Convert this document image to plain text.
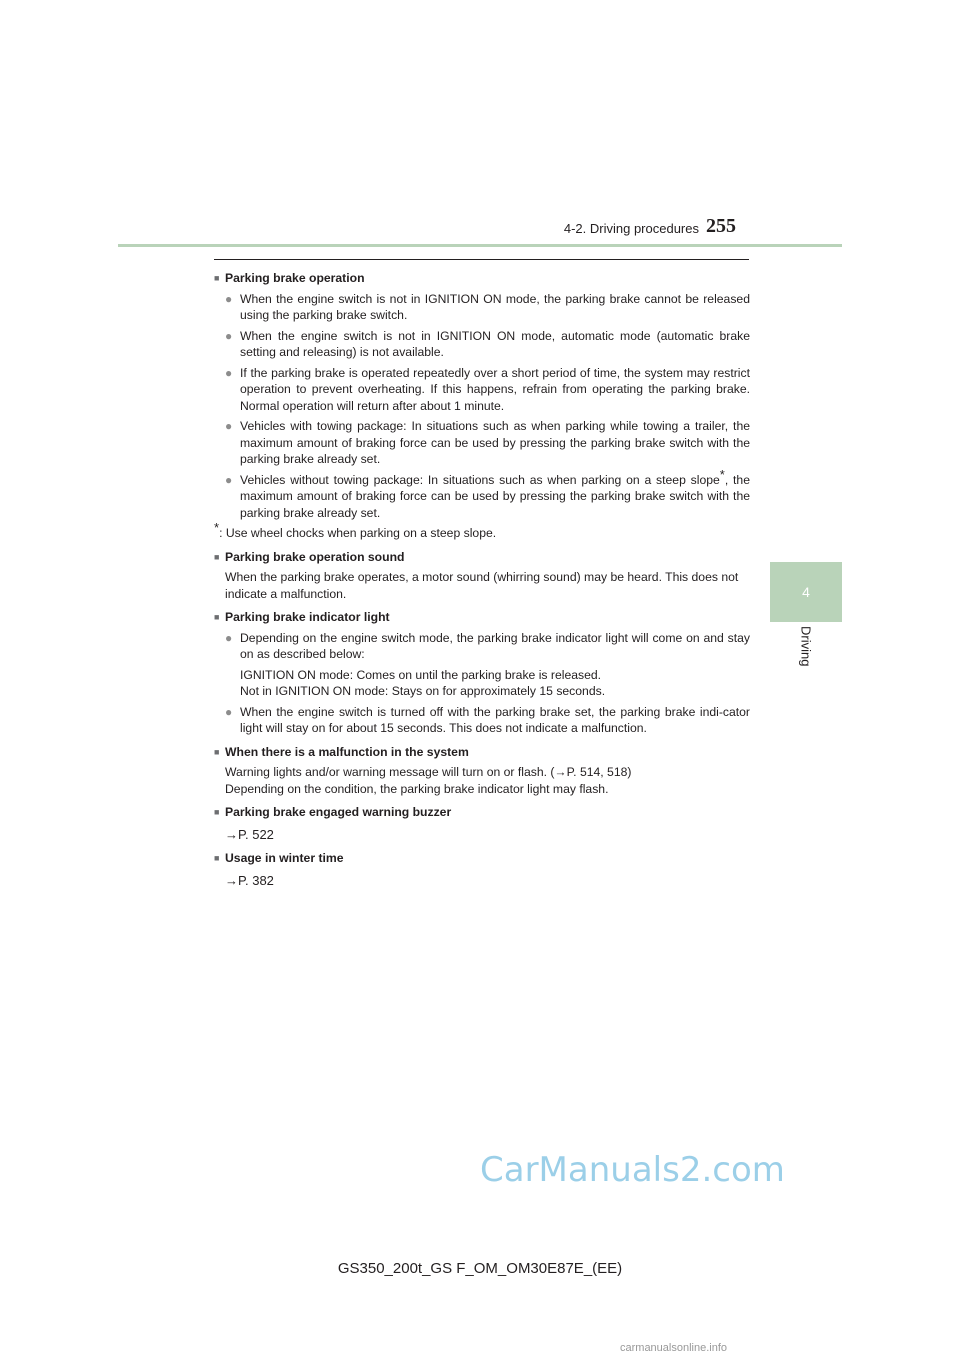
4-2. Driving procedures 255
4
Driving
■ Parking brake operation
● When the engine switch is not in IGNITION ON mode, the parking brake cannot be released using the parking brake switch.
● When the engine switch is not in IGNITION ON mode, automatic mode (automatic brake setting and releasing) is not available.
● If the parking brake is operated repeatedly over a short period of time, the system may restrict operation to prevent overheating. If this happens, refrain from operating the parking brake. Normal operation will return after about 1 minute.
● Vehicles with towing package: In situations such as when parking while towing a trailer, the maximum amount of braking force can be used by pressing the parking brake switch with the parking brake already set.
● Vehicles without towing package: In situations such as when parking on a steep slope*, the maximum amount of braking force can be used by pressing the parking brake switch with the parking brake already set.
*: Use wheel chocks when parking on a steep slope.
■ Parking brake operation sound
When the parking brake operates, a motor sound (whirring sound) may be heard. This does not indicate a malfunction.
■ Parking brake indicator light
● Depending on the engine switch mode, the parking brake indicator light will come on and stay on as described below:
IGNITION ON mode: Comes on until the parking brake is released.
Not in IGNITION ON mode: Stays on for approximately 15 seconds.
● When the engine switch is turned off with the parking brake set, the parking brake indi-cator light will stay on for about 15 seconds. This does not indicate a malfunction.
■ When there is a malfunction in the system
Warning lights and/or warning message will turn on or flash. (→P. 514, 518)
Depending on the condition, the parking brake indicator light may flash.
■ Parking brake engaged warning buzzer
→P. 522
■ Usage in winter time
→P. 382
CarManuals2.com
GS350_200t_GS F_OM_OM30E87E_(EE)
carmanualsonline.info
